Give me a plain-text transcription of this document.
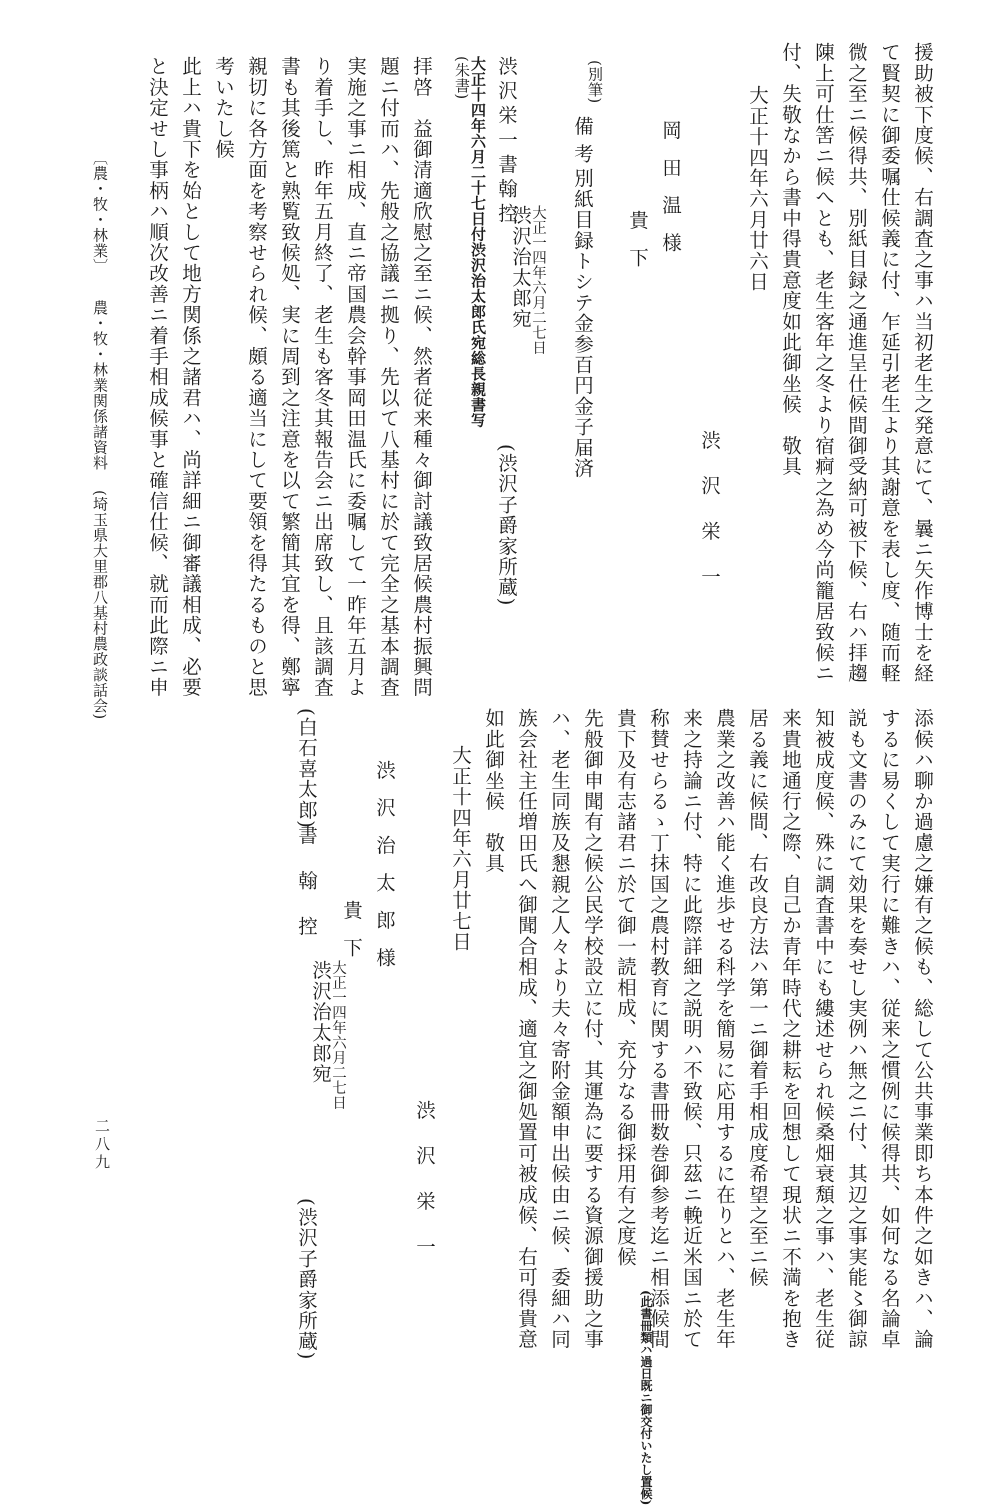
援助被下度候、右調査之事ハ当初老生之発意にて、曩ニ矢作博士を経
て賢契に御委嘱仕候義に付、乍延引老生より其謝意を表し度、随而軽
微之至ニ候得共、別紙目録之通進呈仕候間御受納可被下候、右ハ拝趨
陳上可仕筈ニ候へとも、老生客年之冬より宿痾之為め今尚籠居致候ニ
付、失敬なから書中得貴意度如此御坐候　敬具
大正十四年六月廿六日
渋沢栄一
岡田温様
貴下
(別筆)
備考
別紙目録トシテ金参百円金子届済
渋沢栄一書翰控
渋沢治太郎宛
大正一四年六月二七日
(渋沢子爵家所蔵)
(朱書)
大正十四年六月二十七日付渋沢治太郎氏宛総長親書写
拝啓　益御清適欣慰之至ニ候、然者従来種々御討議致居候農村振興問
題ニ付而ハ、先般之協議ニ拠り、先以て八基村に於て完全之基本調査
実施之事ニ相成、直ニ帝国農会幹事岡田温氏に委嘱して一昨年五月よ
り着手し、昨年五月終了、老生も客冬其報告会ニ出席致し、且該調査
書も其後篤と熟覧致候処、実に周到之注意を以て繁簡其宜を得、鄭寧
親切に各方面を考察せられ候、頗る適当にして要領を得たるものと思
考いたし候
此上ハ貴下を始として地方関係之諸君ハ、尚詳細ニ御審議相成、必要
と決定せし事柄ハ順次改善ニ着手相成候事と確信仕候、就而此際ニ申
〔農・牧・林業〕
農・牧・林業関係諸資料
(埼玉県大里郡八基村農政談話会)
添候ハ聊か過慮之嫌有之候も、総して公共事業即ち本件之如きハ、論
するに易くして実行に難きハ、従来之慣例に候得共、如何なる名論卓
説も文書のみにて効果を奏せし実例ハ無之ニ付、其辺之事実能〻御諒
知被成度候、殊に調査書中にも縷述せられ候桑畑衰頽之事ハ、老生従
来貴地通行之際、自己か青年時代之耕耘を回想して現状ニ不満を抱き
居る義に候間、右改良方法ハ第一ニ御着手相成度希望之至ニ候
農業之改善ハ能く進歩せる科学を簡易に応用するに在りとハ、老生年
来之持論ニ付、特に此際詳細之説明ハ不致候、只茲ニ輓近米国ニ於て
称賛せらるゝ丁抹国之農村教育に関する書冊数巻御参考迄ニ相添候間
貴下及有志諸君ニ於て御一読相成、充分なる御採用有之度候
(此書冊類ハ過日既ニ御交付いたし置候)
先般御申聞有之候公民学校設立に付、其運為に要する資源御援助之事
ハ、老生同族及懇親之人々より夫々寄附金額申出候由ニ候、委細ハ同
族会社主任増田氏へ御聞合相成、適宜之御処置可被成候、右可得貴意
如此御坐候　敬具
大正十四年六月廿七日
渋沢栄一
渋沢治太郎様
貴下
(白石喜太郎)
書翰控
渋沢治太郎宛
大正一四年六月二七日
(渋沢子爵家所蔵)
二八九
